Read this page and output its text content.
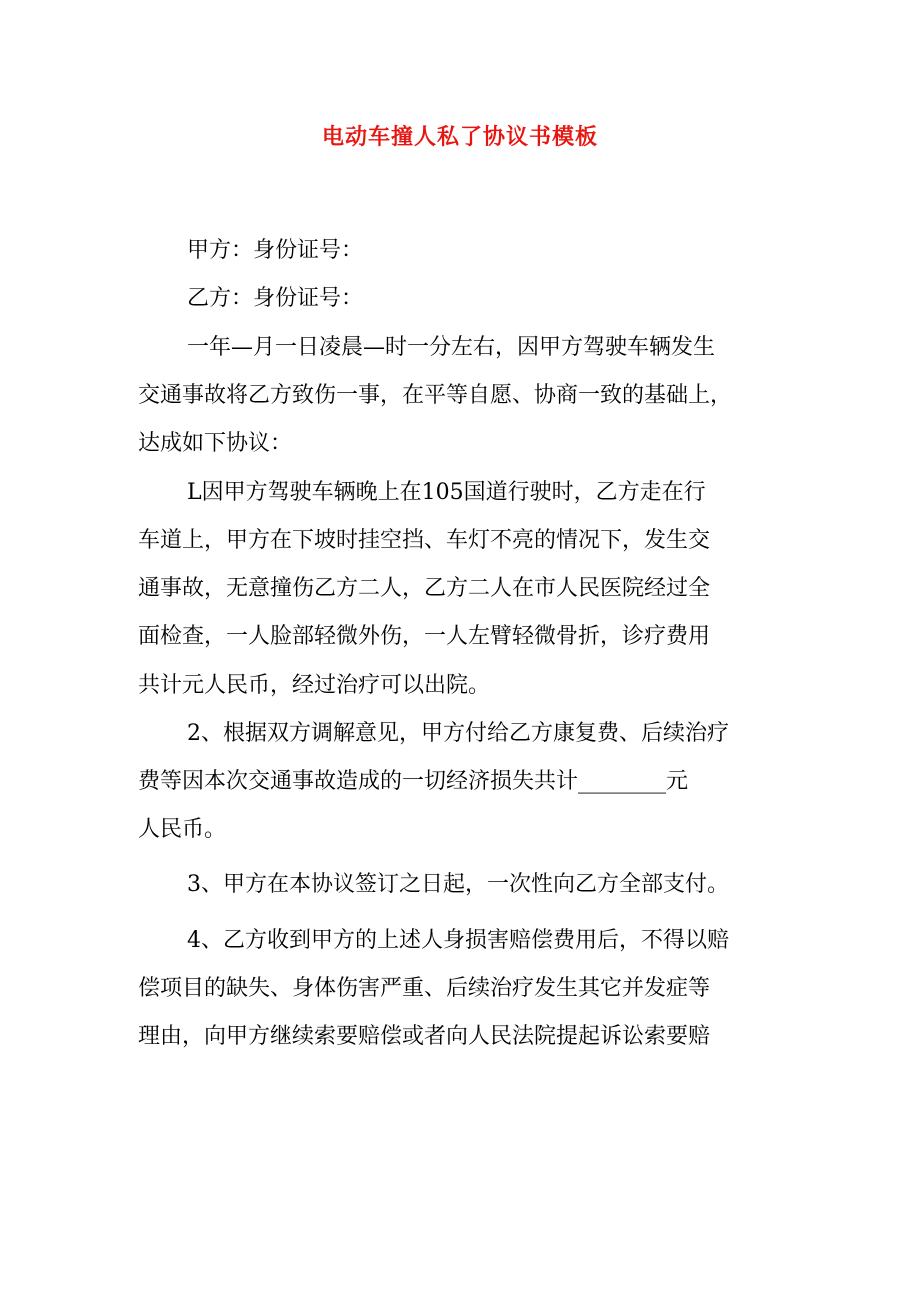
电动车撞人私了协议书模板
甲方：身份证号：
乙方：身份证号：
一年—月一日凌晨—时一分左右，因甲方驾驶车辆发生
交通事故将乙方致伤一事，在平等自愿、协商一致的基础上，
达成如下协议：
L因甲方驾驶车辆晚上在105国道行驶时，乙方走在行
车道上，甲方在下坡时挂空挡、车灯不亮的情况下，发生交
通事故，无意撞伤乙方二人，乙方二人在市人民医院经过全
面检查，一人脸部轻微外伤，一人左臂轻微骨折，诊疗费用
共计元人民币，经过治疗可以出院。
2、根据双方调解意见，甲方付给乙方康复费、后续治疗
费等因本次交通事故造成的一切经济损失共计________元
人民币。
3、甲方在本协议签订之日起，一次性向乙方全部支付。
4、乙方收到甲方的上述人身损害赔偿费用后，不得以赔
偿项目的缺失、身体伤害严重、后续治疗发生其它并发症等
理由，向甲方继续索要赔偿或者向人民法院提起诉讼索要赔
